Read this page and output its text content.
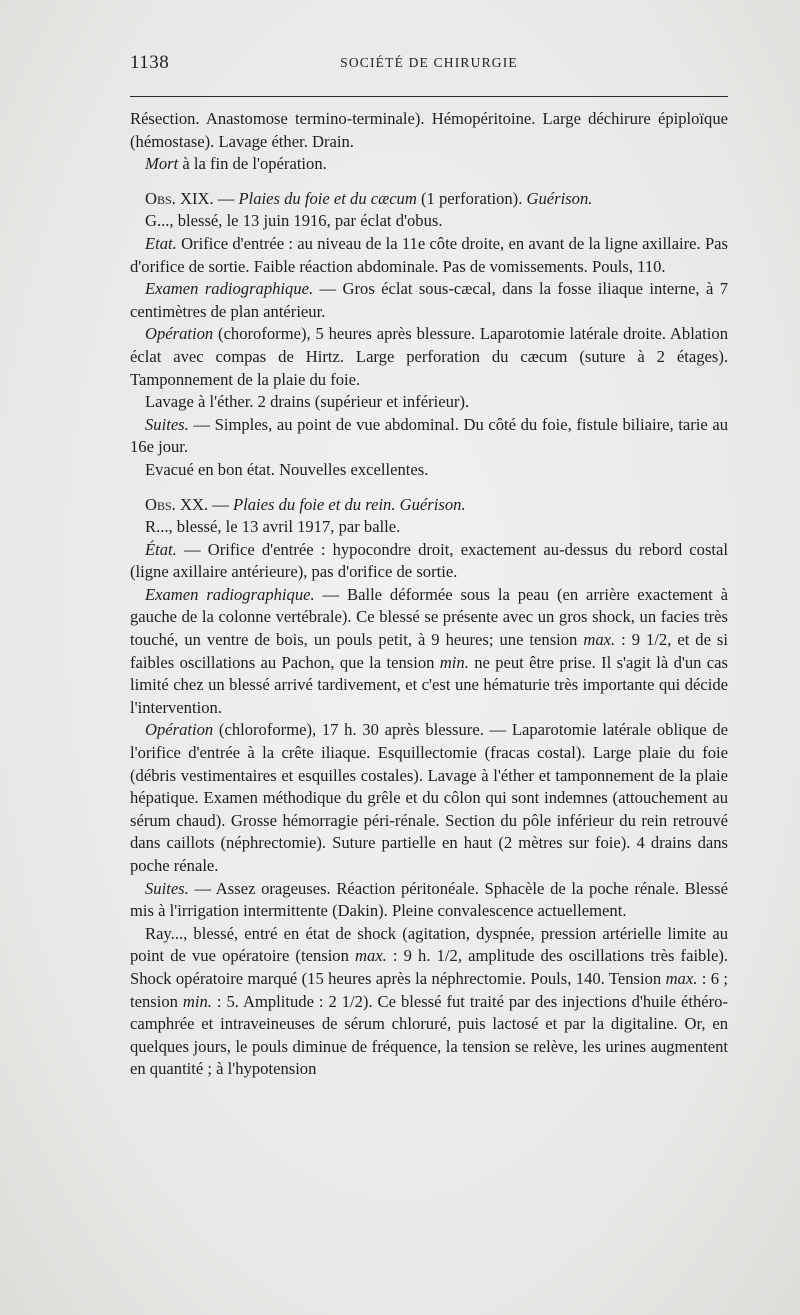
1138	SOCIÉTÉ DE CHIRURGIE

Résection. Anastomose termino-terminale). Hémopéritoine. Large déchirure épiploïque (hémostase). Lavage éther. Drain.

Mort à la fin de l'opération.

Obs. XIX. — Plaies du foie et du cæcum (1 perforation). Guérison.

G..., blessé, le 13 juin 1916, par éclat d'obus.

Etat. Orifice d'entrée : au niveau de la 11e côte droite, en avant de la ligne axillaire. Pas d'orifice de sortie. Faible réaction abdominale. Pas de vomissements. Pouls, 110.

Examen radiographique. — Gros éclat sous-cæcal, dans la fosse iliaque interne, à 7 centimètres de plan antérieur.

Opération (choroforme), 5 heures après blessure. Laparotomie latérale droite. Ablation éclat avec compas de Hirtz. Large perforation du cæcum (suture à 2 étages). Tamponnement de la plaie du foie.

Lavage à l'éther. 2 drains (supérieur et inférieur).

Suites. — Simples, au point de vue abdominal. Du côté du foie, fistule biliaire, tarie au 16e jour.

Evacué en bon état. Nouvelles excellentes.

Obs. XX. — Plaies du foie et du rein. Guérison.

R..., blessé, le 13 avril 1917, par balle.

État. — Orifice d'entrée : hypocondre droit, exactement au-dessus du rebord costal (ligne axillaire antérieure), pas d'orifice de sortie.

Examen radiographique. — Balle déformée sous la peau (en arrière exactement à gauche de la colonne vertébrale). Ce blessé se présente avec un gros shock, un facies très touché, un ventre de bois, un pouls petit, à 9 heures; une tension max. : 9 1/2, et de si faibles oscillations au Pachon, que la tension min. ne peut être prise. Il s'agit là d'un cas limité chez un blessé arrivé tardivement, et c'est une hématurie très importante qui décide l'intervention.

Opération (chloroforme), 17 h. 30 après blessure. — Laparotomie latérale oblique de l'orifice d'entrée à la crête iliaque. Esquillectomie (fracas costal). Large plaie du foie (débris vestimentaires et esquilles costales). Lavage à l'éther et tamponnement de la plaie hépatique. Examen méthodique du grêle et du côlon qui sont indemnes (attouchement au sérum chaud). Grosse hémorragie péri-rénale. Section du pôle inférieur du rein retrouvé dans caillots (néphrectomie). Suture partielle en haut (2 mètres sur foie). 4 drains dans poche rénale.

Suites. — Assez orageuses. Réaction péritonéale. Sphacèle de la poche rénale. Blessé mis à l'irrigation intermittente (Dakin). Pleine convalescence actuellement.

Ray..., blessé, entré en état de shock (agitation, dyspnée, pression artérielle limite au point de vue opératoire (tension max. : 9 h. 1/2, amplitude des oscillations très faible). Shock opératoire marqué (15 heures après la néphrectomie. Pouls, 140. Tension max. : 6 ; tension min. : 5. Amplitude : 2 1/2). Ce blessé fut traité par des injections d'huile éthéro-camphrée et intraveineuses de sérum chloruré, puis lactosé et par la digitaline. Or, en quelques jours, le pouls diminue de fréquence, la tension se relève, les urines augmentent en quantité ; à l'hypotension
